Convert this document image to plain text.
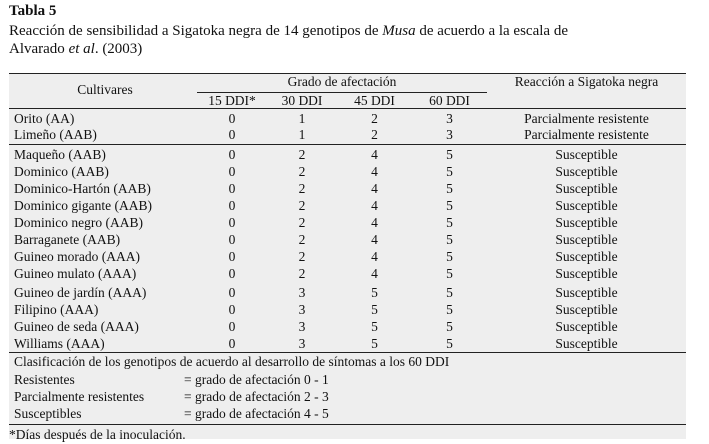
Tabla 5
Reacción de sensibilidad a Sigatoka negra de 14 genotipos de Musa de acuerdo a la escala de
Alvarado et al. (2003)
Cultivares
Grado de afectación	Reacción a Sigatoka negra
15 DDI*	30 DDI	45 DDI	60 DDI
Orito (AA)	0	1	2	3	Parcialmente resistente
Limeño (AAB)	0	1	2	3	Parcialmente resistente
Maqueño (AAB)	0	2	4	5	Susceptible
Dominico (AAB)	0	2	4	5	Susceptible
Dominico-Hartón (AAB)	0	2	4	5	Susceptible
Dominico gigante (AAB)	0	2	4	5	Susceptible
Dominico negro (AAB)	0	2	4	5	Susceptible
Barraganete (AAB)	0	2	4	5	Susceptible
Guineo morado (AAA)	0	2	4	5	Susceptible
Guineo mulato (AAA)	0	2	4	5	Susceptible
Guineo de jardín (AAA)	0	3	5	5	Susceptible
Filipino (AAA)	0	3	5	5	Susceptible
Guineo de seda (AAA)	0	3	5	5	Susceptible
Williams (AAA)	0	3	5	5	Susceptible
Clasificación de los genotipos de acuerdo al desarrollo de síntomas a los 60 DDI
Resistentes	= grado de afectación 0 - 1
Parcialmente resistentes	= grado de afectación 2 - 3
Susceptibles	= grado de afectación 4 - 5
*Días después de la inoculación.
